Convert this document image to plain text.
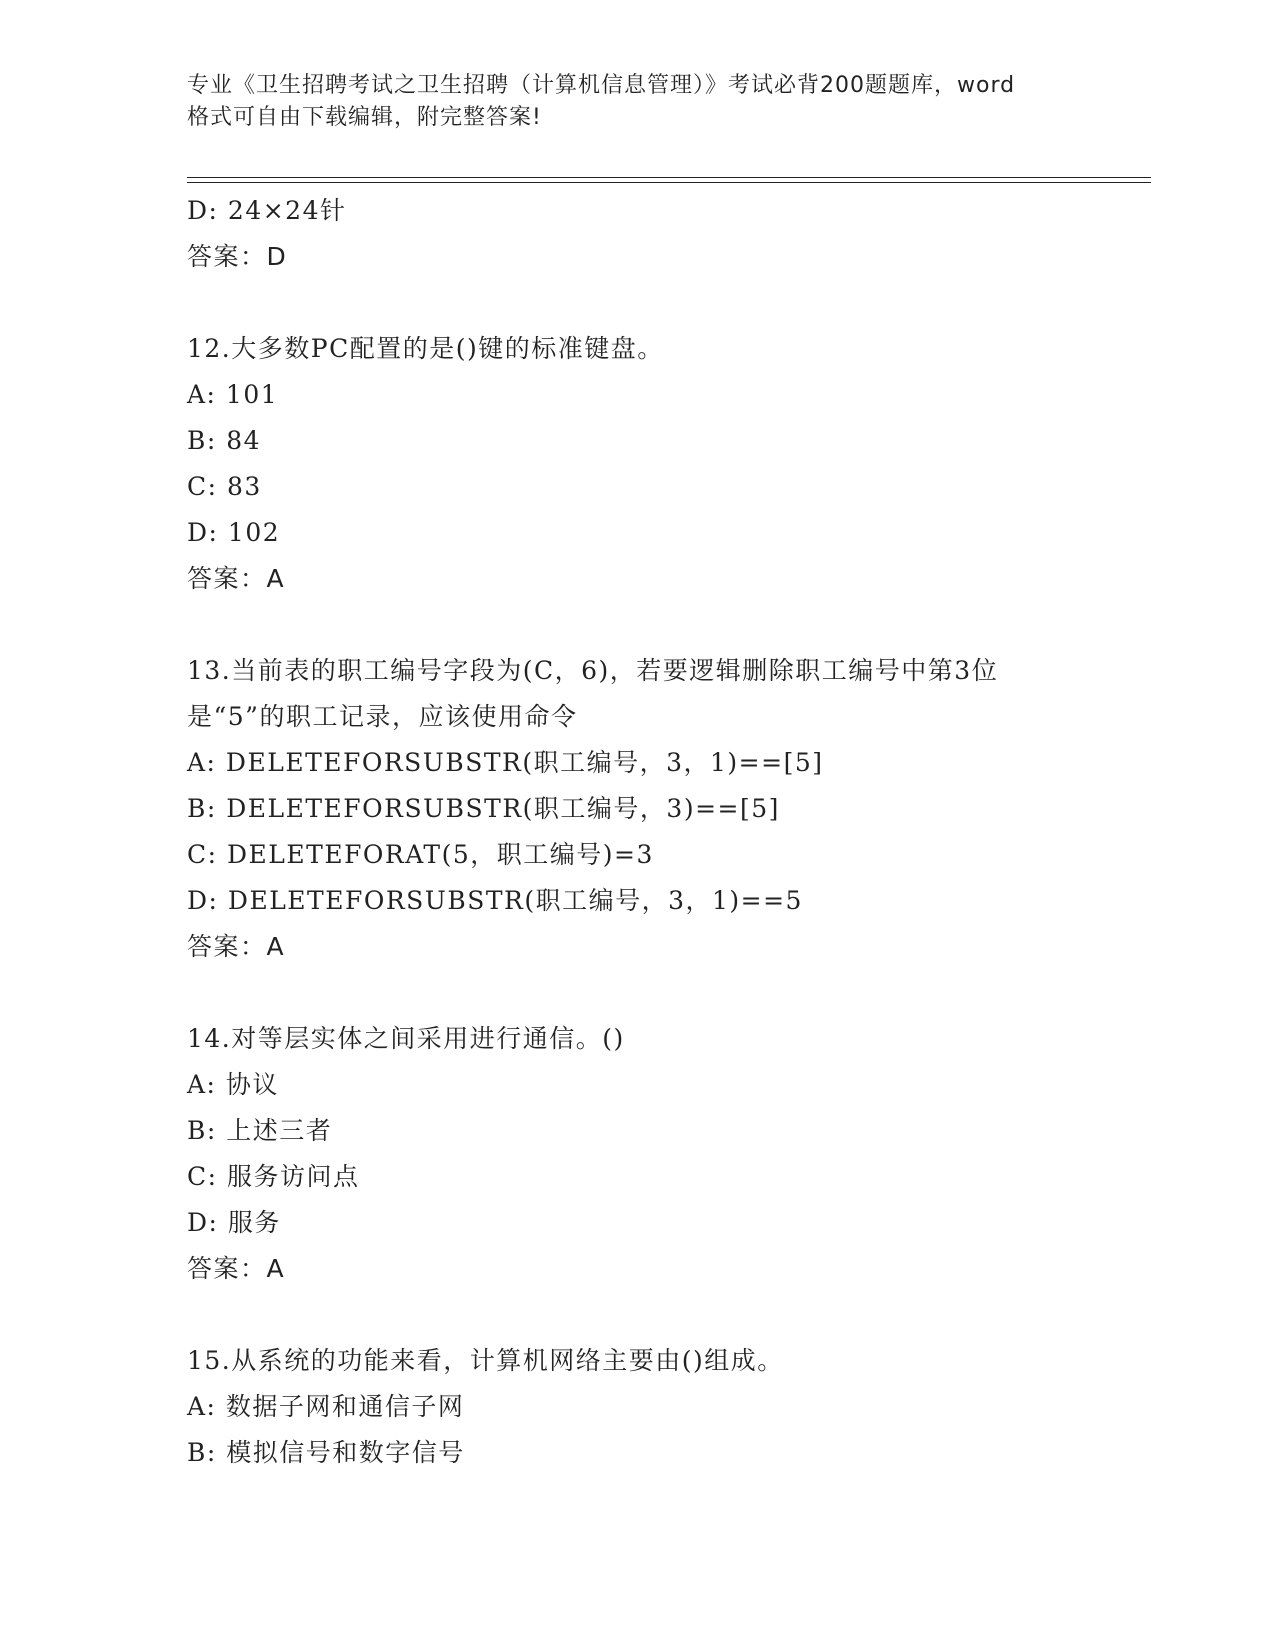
专业《卫生招聘考试之卫生招聘（计算机信息管理）》考试必背200题题库，word
格式可自由下载编辑，附完整答案!
D: 24×24针
答案：D
12.大多数PC配置的是()键的标准键盘。
A: 101
B: 84
C: 83
D: 102
答案：A
13.当前表的职工编号字段为(C，6)，若要逻辑删除职工编号中第3位
是“5”的职工记录，应该使用命令
A: DELETEFORSUBSTR(职工编号，3，1)==[5]
B: DELETEFORSUBSTR(职工编号，3)==[5]
C: DELETEFORAT(5，职工编号)=3
D: DELETEFORSUBSTR(职工编号，3，1)==5
答案：A
14.对等层实体之间采用进行通信。()
A: 协议
B: 上述三者
C: 服务访问点
D: 服务
答案：A
15.从系统的功能来看，计算机网络主要由()组成。
A: 数据子网和通信子网
B: 模拟信号和数字信号
